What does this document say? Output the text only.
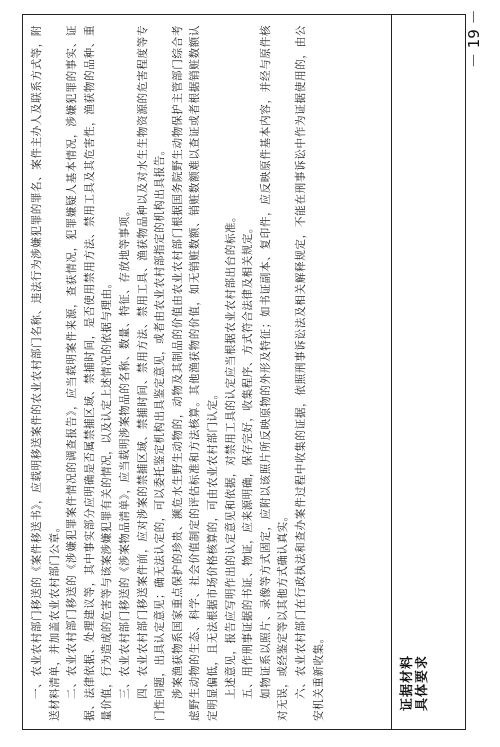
－ 19 －

一、农业农村部门移送的《案件移送书》，应载明移送案件的农业农村部门名称、违法行为涉嫌犯罪的罪名、案件主办人及联系方式等，附送材料清单，并加盖农业农村部门公章。 二、农业农村部门移送的《涉嫌犯罪案件情况的调查报告》，应当载明案件来源，查获情况，犯罪嫌疑人基本情况，涉嫌犯罪的事实、证据、法律依据、处理建议等，其中事实部分应明确是否属禁捕区域、禁捕时间，是否使用禁用方法、禁用工具及其危害性，渔获物的品种、重量价值，行为造成的危害等与该案涉嫌犯罪有关的情况，以及认定上述情况的依据与理由。 三、农业农村部门移送的《涉案物品清单》，应当载明涉案物品的名称、数量、特征、存放地等事项。 四、农业农村部门移送案件前，应对涉案的禁捕区域、禁捕时间、禁用方法、禁用工具、渔获物品种以及对水生生物资源的危害程度等专门性问题，出具认定意见；确无法认定的，可以委托鉴定机构出具鉴定意见，或者由农业农村部指定的机构出具报告。 涉案渔获物系国家重点保护的珍贵、濒危水生野生动物的，动物及其制品的价值由农业农村部门根据国务院野生动物保护主管部门综合考虑野生动物的生态、科学、社会价值制定的评估标准和方法核算。其他渔获物的价值，如无销赃数额、销赃数额难以查证或者根据销赃数额认定明显偏低，且无法根据市场价格核算的，可由农业农村部门认定。 上述意见，报告应写明作出的认定意见和依据，对禁用工具的认定应当根据农业农村部出台的标准。 五、用作刑事证据的书证、物证，应来源明确，保存完好，收集程序、方式符合法律及相关规定。 如物证系以照片、录像等方式固定，应附以该照片所反映原物的外形及特征；如书证副本、复印件，应反映原件基本内容，并经与原件核对无误，或经鉴定等以其他方式确认真实。 六、农业农村部门在行政执法和查办案件过程中收集的证据，依照刑事诉讼法及相关解释规定，不能在刑事诉讼中作为证据使用的，由公安机关重新收集。	证据材料具体要求
